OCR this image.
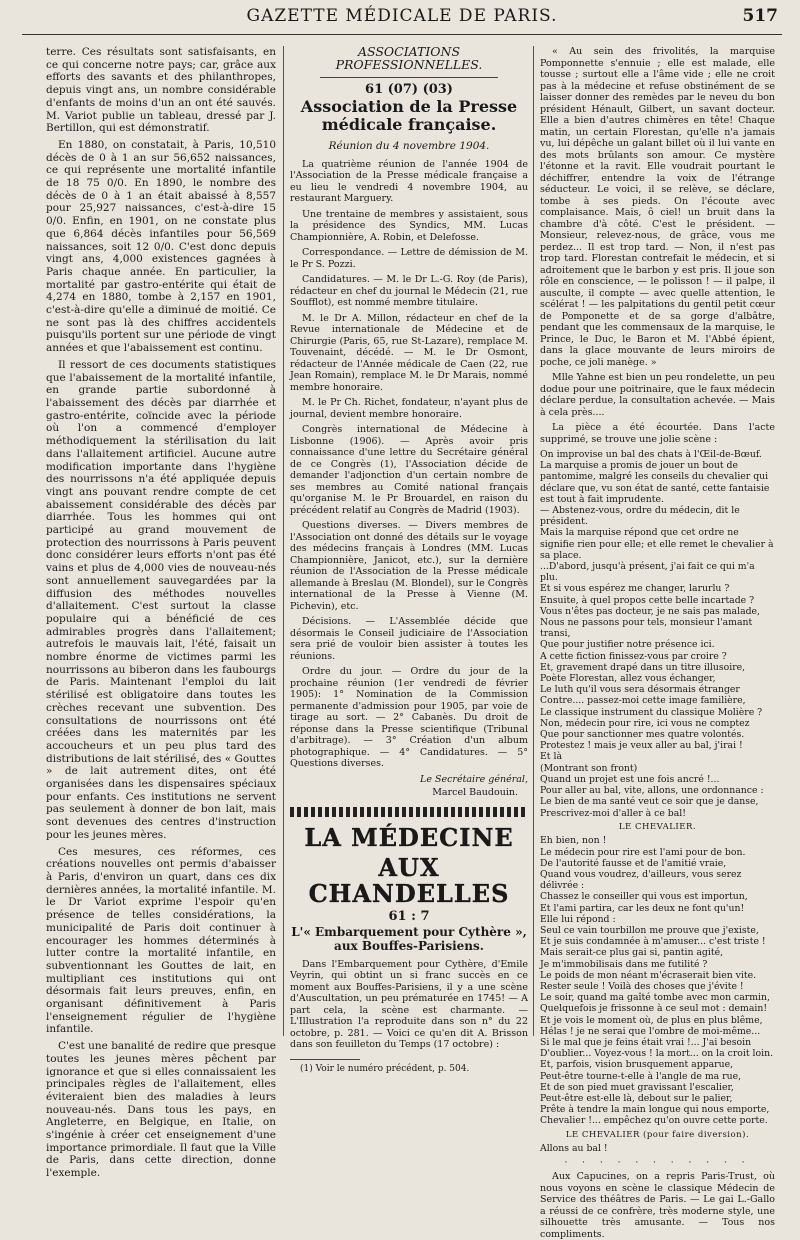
GAZETTE MÉDICALE DE PARIS.	517

terre. Ces résultats sont satisfaisants, en ce qui concerne notre pays; car, grâce aux efforts des savants et des philanthropes, depuis vingt ans, un nombre considérable d'enfants de moins d'un an ont été sauvés. M. Variot publie un tableau, dressé par J. Bertillon, qui est démonstratif.

En 1880, on constatait, à Paris, 10,510 décès de 0 à 1 an sur 56,652 naissances, ce qui représente une mortalité infantile de 18 75 0/0. En 1890, le nombre des décès de 0 à 1 an était abaissé à 8,557 pour 25,927 naissances, c'est-à-dire 15 0/0. Enfin, en 1901, on ne constate plus que 6,864 décès infantiles pour 56,569 naissances, soit 12 0/0. C'est donc depuis vingt ans, 4,000 existences gagnées à Paris chaque année. En particulier, la mortalité par gastro-entérite qui était de 4,274 en 1880, tombe à 2,157 en 1901, c'est-à-dire qu'elle a diminué de moitié. Ce ne sont pas là des chiffres accidentels puisqu'ils portent sur une période de vingt années et que l'abaissement est continu.

Il ressort de ces documents statistiques que l'abaissement de la mortalité infantile, en grande partie subordonné à l'abaissement des décès par diarrhée et gastro-entérite, coïncide avec la période où l'on a commencé d'employer méthodiquement la stérilisation du lait dans l'allaitement artificiel. Aucune autre modification importante dans l'hygiène des nourrissons n'a été appliquée depuis vingt ans pouvant rendre compte de cet abaissement considérable des décès par diarrhée. Tous les hommes qui ont participé au grand mouvement de protection des nourrissons à Paris peuvent donc considérer leurs efforts n'ont pas été vains et plus de 4,000 vies de nouveau-nés sont annuellement sauvegardées par la diffusion des méthodes nouvelles d'allaitement. C'est surtout la classe populaire qui a bénéficié de ces admirables progrès dans l'allaitement; autrefois le mauvais lait, l'été, faisait un nombre énorme de victimes parmi les nourrissons au biberon dans les faubourgs de Paris. Maintenant l'emploi du lait stérilisé est obligatoire dans toutes les crèches recevant une subvention. Des consultations de nourrissons ont été créées dans les maternités par les accoucheurs et un peu plus tard des distributions de lait stérilisé, des « Gouttes » de lait autrement dites, ont été organisées dans les dispensaires spéciaux pour enfants. Ces institutions ne servent pas seulement à donner de bon lait, mais sont devenues des centres d'instruction pour les jeunes mères.

Ces mesures, ces réformes, ces créations nouvelles ont permis d'abaisser à Paris, d'environ un quart, dans ces dix dernières années, la mortalité infantile. M. le Dr Variot exprime l'espoir qu'en présence de telles considérations, la municipalité de Paris doit continuer à encourager les hommes déterminés à lutter contre la mortalité infantile, en subventionnant les Gouttes de lait, en multipliant ces institutions qui ont désormais fait leurs preuves, enfin, en organisant définitivement à Paris l'enseignement régulier de l'hygiène infantile.

C'est une banalité de redire que presque toutes les jeunes mères pêchent par ignorance et que si elles connaissaient les principales règles de l'allaitement, elles éviteraient bien des maladies à leurs nouveau-nés. Dans tous les pays, en Angleterre, en Belgique, en Italie, on s'ingénie à créer cet enseignement d'une importance primordiale. Il faut que la Ville de Paris, dans cette direction, donne l'exemple.

ASSOCIATIONS PROFESSIONNELLES.
61 (07) (03)
Association de la Presse médicale française.
Réunion du 4 novembre 1904.

La quatrième réunion de l'année 1904 de l'Association de la Presse médicale française a eu lieu le vendredi 4 novembre 1904, au restaurant Marguery.

Une trentaine de membres y assistaient, sous la présidence des Syndics, MM. Lucas Championnière, A. Robin, et Delefosse.

Correspondance. — Lettre de démission de M. le Pr S. Pozzi.

Candidatures. — M. le Dr L.-G. Roy (de Paris), rédacteur en chef du journal le Médecin (21, rue Soufflot), est nommé membre titulaire.

M. le Dr A. Millon, rédacteur en chef de la Revue internationale de Médecine et de Chirurgie (Paris, 65, rue St-Lazare), remplace M. Touvenaint, décédé. — M. le Dr Osmont, rédacteur de l'Année médicale de Caen (22, rue Jean Romain), remplace M. le Dr Marais, nommé membre honoraire.

M. le Pr Ch. Richet, fondateur, n'ayant plus de journal, devient membre honoraire.

Congrès international de Médecine à Lisbonne (1906). — Après avoir pris connaissance d'une lettre du Secrétaire général de ce Congrès (1), l'Association décide de demander l'adjonction d'un certain nombre de ses membres au Comité national français qu'organise M. le Pr Brouardel, en raison du précédent relatif au Congrès de Madrid (1903).

Questions diverses. — Divers membres de l'Association ont donné des détails sur le voyage des médecins français à Londres (MM. Lucas Championnière, Janicot, etc.), sur la dernière réunion de l'Association de la Presse médicale allemande à Breslau (M. Blondel), sur le Congrès international de la Presse à Vienne (M. Pichevin), etc.

Décisions. — L'Assemblée décide que désormais le Conseil judiciaire de l'Association sera prié de vouloir bien assister à toutes les réunions.

Ordre du jour. — Ordre du jour de la prochaine réunion (1er vendredi de février 1905): 1° Nomination de la Commission permanente d'admission pour 1905, par voie de tirage au sort. — 2° Cabanès. Du droit de réponse dans la Presse scientifique (Tribunal d'arbitrage). — 3° Création d'un album photographique. — 4° Candidatures. — 5° Questions diverses.

Le Secrétaire général,
Marcel Baudouin.
LA MÉDECINE
AUX CHANDELLES
61 : 7
L'« Embarquement pour Cythère », aux Bouffes-Parisiens.

Dans l'Embarquement pour Cythère, d'Emile Veyrin, qui obtint un si franc succès en ce moment aux Bouffes-Parisiens, il y a une scène d'Auscultation, un peu prématurée en 1745! — A part cela, la scène est charmante. — L'Illustration l'a reproduite dans son n° du 22 octobre, p. 281. — Voici ce qu'en dit A. Brisson dans son feuilleton du Temps (17 octobre) :

(1) Voir le numéro précédent, p. 504.

« Au sein des frivolités, la marquise Pomponnette s'ennuie ; elle est malade, elle tousse ; surtout elle a l'âme vide ; elle ne croit pas à la médecine et refuse obstinément de se laisser donner des remèdes par le neveu du bon président Hénault, Gilbert, un savant docteur. Elle a bien d'autres chimères en tête! Chaque matin, un certain Florestan, qu'elle n'a jamais vu, lui dépêche un galant billet où il lui vante en des mots brûlants son amour. Ce mystère l'étonne et la ravit. Elle voudrait pourtant le déchiffrer, entendre la voix de l'étrange séducteur. Le voici, il se relève, se déclare, tombe à ses pieds. On l'écoute avec complaisance. Mais, ô ciel! un bruit dans la chambre d'à côté. C'est le président. — Monsieur, relevez-nous, de grâce, vous me perdez... Il est trop tard. — Non, il n'est pas trop tard. Florestan contrefait le médecin, et si adroitement que le barbon y est pris. Il joue son rôle en conscience, — le polisson ! — il palpe, il ausculte, il compte — avec quelle attention, le scélérat ! — les palpitations du gentil petit cœur de Pomponette et de sa gorge d'albâtre, pendant que les commensaux de la marquise, le Prince, le Duc, le Baron et M. l'Abbé épient, dans la glace mouvante de leurs miroirs de poche, ce joli manège. »

Mlle Yahne est bien un peu rondelette, un peu dodue pour une poitrinaire, que le faux médecin déclare perdue, la consultation achevée. — Mais à cela près....

La pièce a été écourtée. Dans l'acte supprimé, se trouve une jolie scène :

On improvise un bal des chats à l'Œil-de-Bœuf.

La marquise a promis de jouer un bout de pantomime, malgré les conseils du chevalier qui déclare que, vu son état de santé, cette fantaisie est tout à fait imprudente.

— Abstenez-vous, ordre du médecin, dit le président.

Mais la marquise répond que cet ordre ne signifie rien pour elle; et elle remet le chevalier à sa place.

...D'abord, jusqu'à présent, j'ai fait ce qui m'a plu.

Et si vous espérez me changer, larurlu ?

Ensuite, à quel propos cette belle incartade ?

Vous n'êtes pas docteur, je ne sais pas malade,

Nous ne passons pour tels, monsieur l'amant transi,

Que pour justifier notre présence ici.

A cette fiction finissez-vous par croire ?

Et, gravement drapé dans un titre illusoire,

Poète Florestan, allez vous échanger,

Le luth qu'il vous sera désormais étranger

Contre.... passez-moi cette image familière,

Le classique instrument du classique Molière ?

Non, médecin pour rire, ici vous ne comptez

Que pour sanctionner mes quatre volontés.

Protestez ! mais je veux aller au bal, j'irai !

Et là

(Montrant son front)

Quand un projet est une fois ancré !...

Pour aller au bal, vite, allons, une ordonnance :

Le bien de ma santé veut ce soir que je danse,

Prescrivez-moi d'aller à ce bal!

LE CHEVALIER.

Eh bien, non !

Le médecin pour rire est l'ami pour de bon.

De l'autorité fausse et de l'amitié vraie,

Quand vous voudrez, d'ailleurs, vous serez délivrée :

Chassez le conseiller qui vous est importun,

Et l'ami partira, car les deux ne font qu'un!

Elle lui répond :

Seul ce vain tourbillon me prouve que j'existe,

Et je suis condamnée à m'amuser... c'est triste !

Mais serait-ce plus gai si, pantin agité,

Je m'immobilisais dans me futilité ?

Le poids de mon néant m'écraserait bien vite.

Rester seule ! Voilà des choses que j'évite !

Le soir, quand ma gaîté tombe avec mon carmin,

Quelquefois je frissonne à ce seul mot : demain!

Et je vois le moment où, de plus en plus blême,

Hélas ! je ne serai que l'ombre de moi-même...

Si le mal que je feins était vrai !... J'ai besoin

D'oublier... Voyez-vous ! la mort... on la croit loin.

Et, parfois, vision brusquement apparue,

Peut-être tourne-t-elle à l'angle de ma rue,

Et de son pied muet gravissant l'escalier,

Peut-être est-elle là, debout sur le palier,

Prête à tendre la main longue qui nous emporte,

Chevalier !... empêchez qu'on ouvre cette porte.

LE CHEVALIER (pour faire diversion).

Allons au bal !

· · · · · · · · · · ·

Aux Capucines, on a repris Paris-Trust, où nous voyons en scène le classique Médecin de Service des théâtres de Paris. — Le gai L.-Gallo a réussi de ce confrère, très moderne style, une silhouette très amusante. — Tous nos compliments.
